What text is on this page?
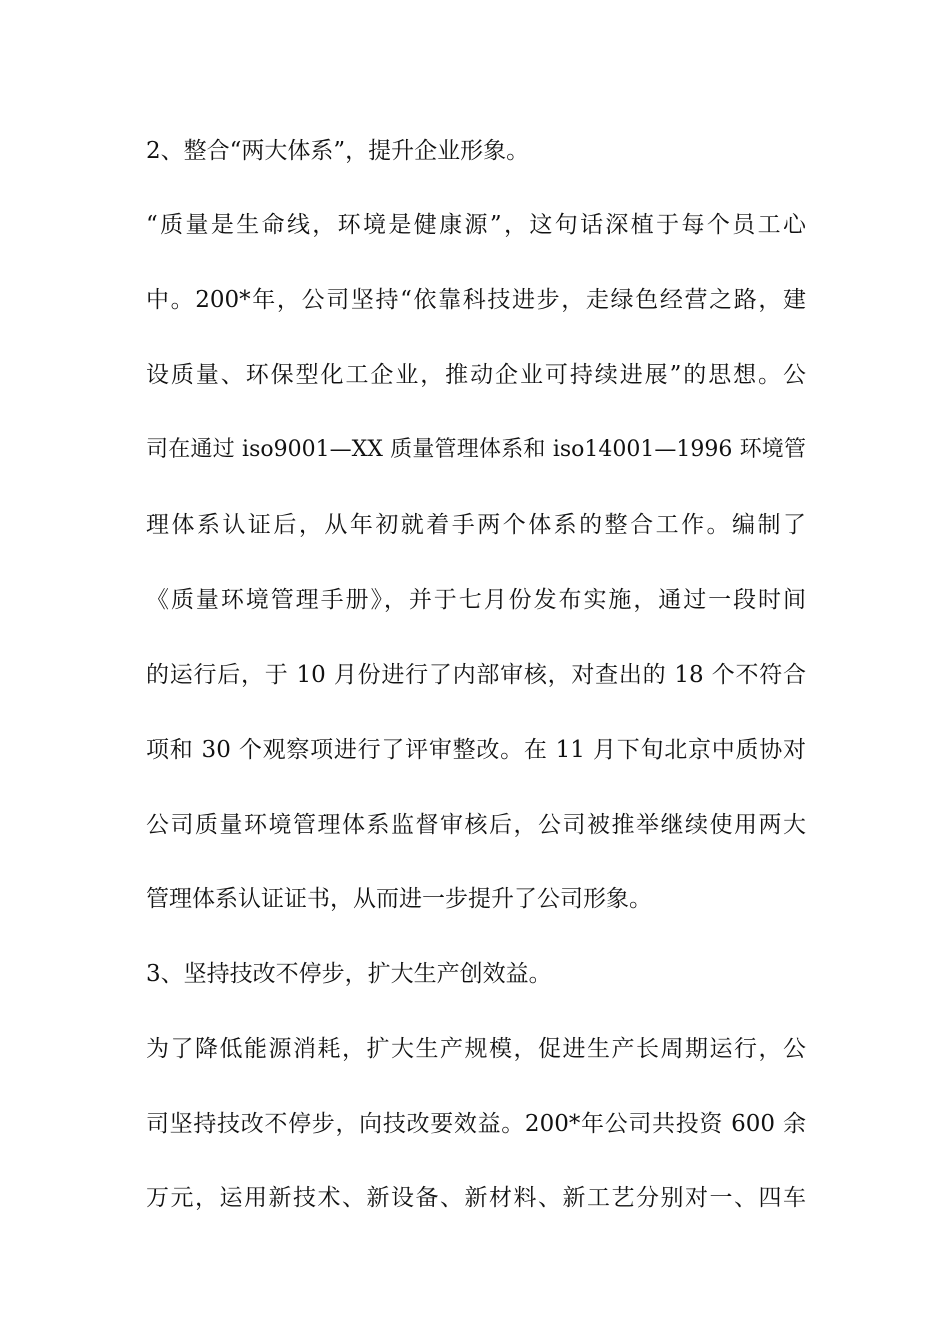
2、整合“两大体系”，提升企业形象。
“质量是生命线，环境是健康源”，这句话深植于每个员工心
中。200*年，公司坚持“依靠科技进步，走绿色经营之路，建
设质量、环保型化工企业，推动企业可持续进展”的思想。公
司在通过 iso9001—XX 质量管理体系和 iso14001—1996 环境管
理体系认证后，从年初就着手两个体系的整合工作。编制了
《质量环境管理手册》，并于七月份发布实施，通过一段时间
的运行后，于 10 月份进行了内部审核，对查出的 18 个不符合
项和 30 个观察项进行了评审整改。在 11 月下旬北京中质协对
公司质量环境管理体系监督审核后，公司被推举继续使用两大
管理体系认证证书，从而进一步提升了公司形象。
3、坚持技改不停步，扩大生产创效益。
为了降低能源消耗，扩大生产规模，促进生产长周期运行，公
司坚持技改不停步，向技改要效益。200*年公司共投资 600 余
万元，运用新技术、新设备、新材料、新工艺分别对一、四车
